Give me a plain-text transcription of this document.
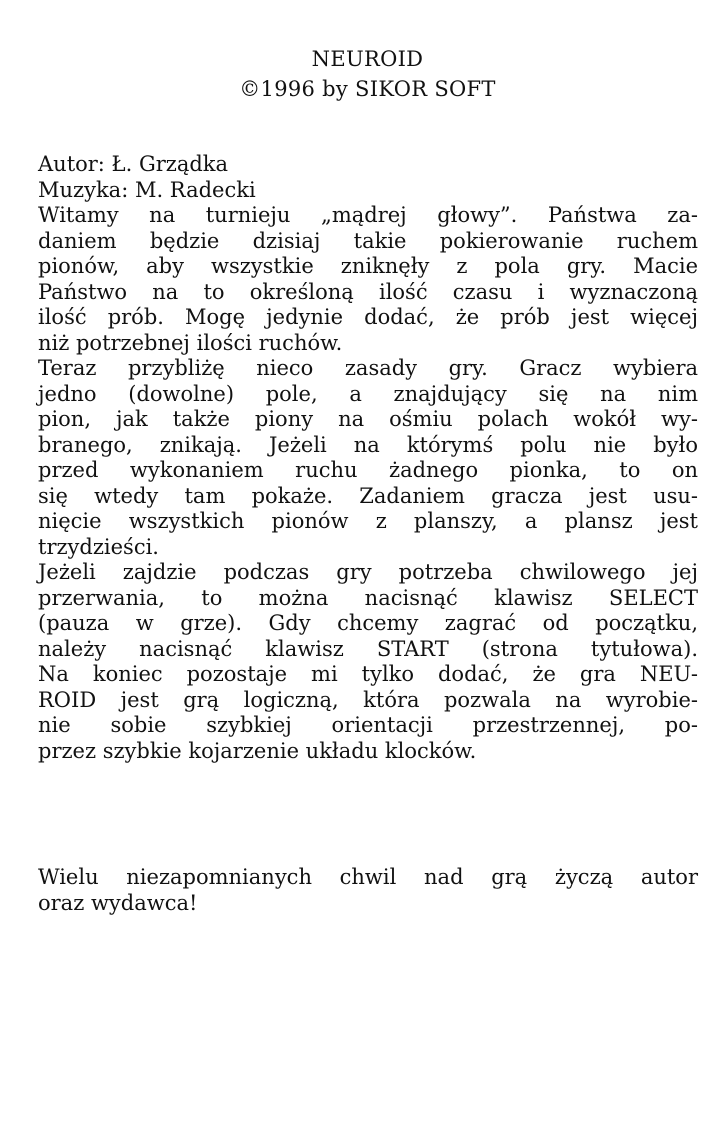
NEUROID
©1996 by SIKOR SOFT
Autor: Ł. Grządka
Muzyka: M. Radecki
Witamy na turnieju „mądrej głowy”. Państwa za-
daniem będzie dzisiaj takie pokierowanie ruchem
pionów, aby wszystkie zniknęły z pola gry. Macie
Państwo na to określoną ilość czasu i wyznaczoną
ilość prób. Mogę jedynie dodać, że prób jest więcej
niż potrzebnej ilości ruchów.
Teraz przybliżę nieco zasady gry. Gracz wybiera
jedno (dowolne) pole, a znajdujący się na nim
pion, jak także piony na ośmiu polach wokół wy-
branego, znikają. Jeżeli na którymś polu nie było
przed wykonaniem ruchu żadnego pionka, to on
się wtedy tam pokaże. Zadaniem gracza jest usu-
nięcie wszystkich pionów z planszy, a plansz jest
trzydzieści.
Jeżeli zajdzie podczas gry potrzeba chwilowego jej
przerwania, to można nacisnąć klawisz SELECT
(pauza w grze). Gdy chcemy zagrać od początku,
należy nacisnąć klawisz START (strona tytułowa).
Na koniec pozostaje mi tylko dodać, że gra NEU-
ROID jest grą logiczną, która pozwala na wyrobie-
nie sobie szybkiej orientacji przestrzennej, po-
przez szybkie kojarzenie układu klocków.
Wielu niezapomnianych chwil nad grą życzą autor
oraz wydawca!
